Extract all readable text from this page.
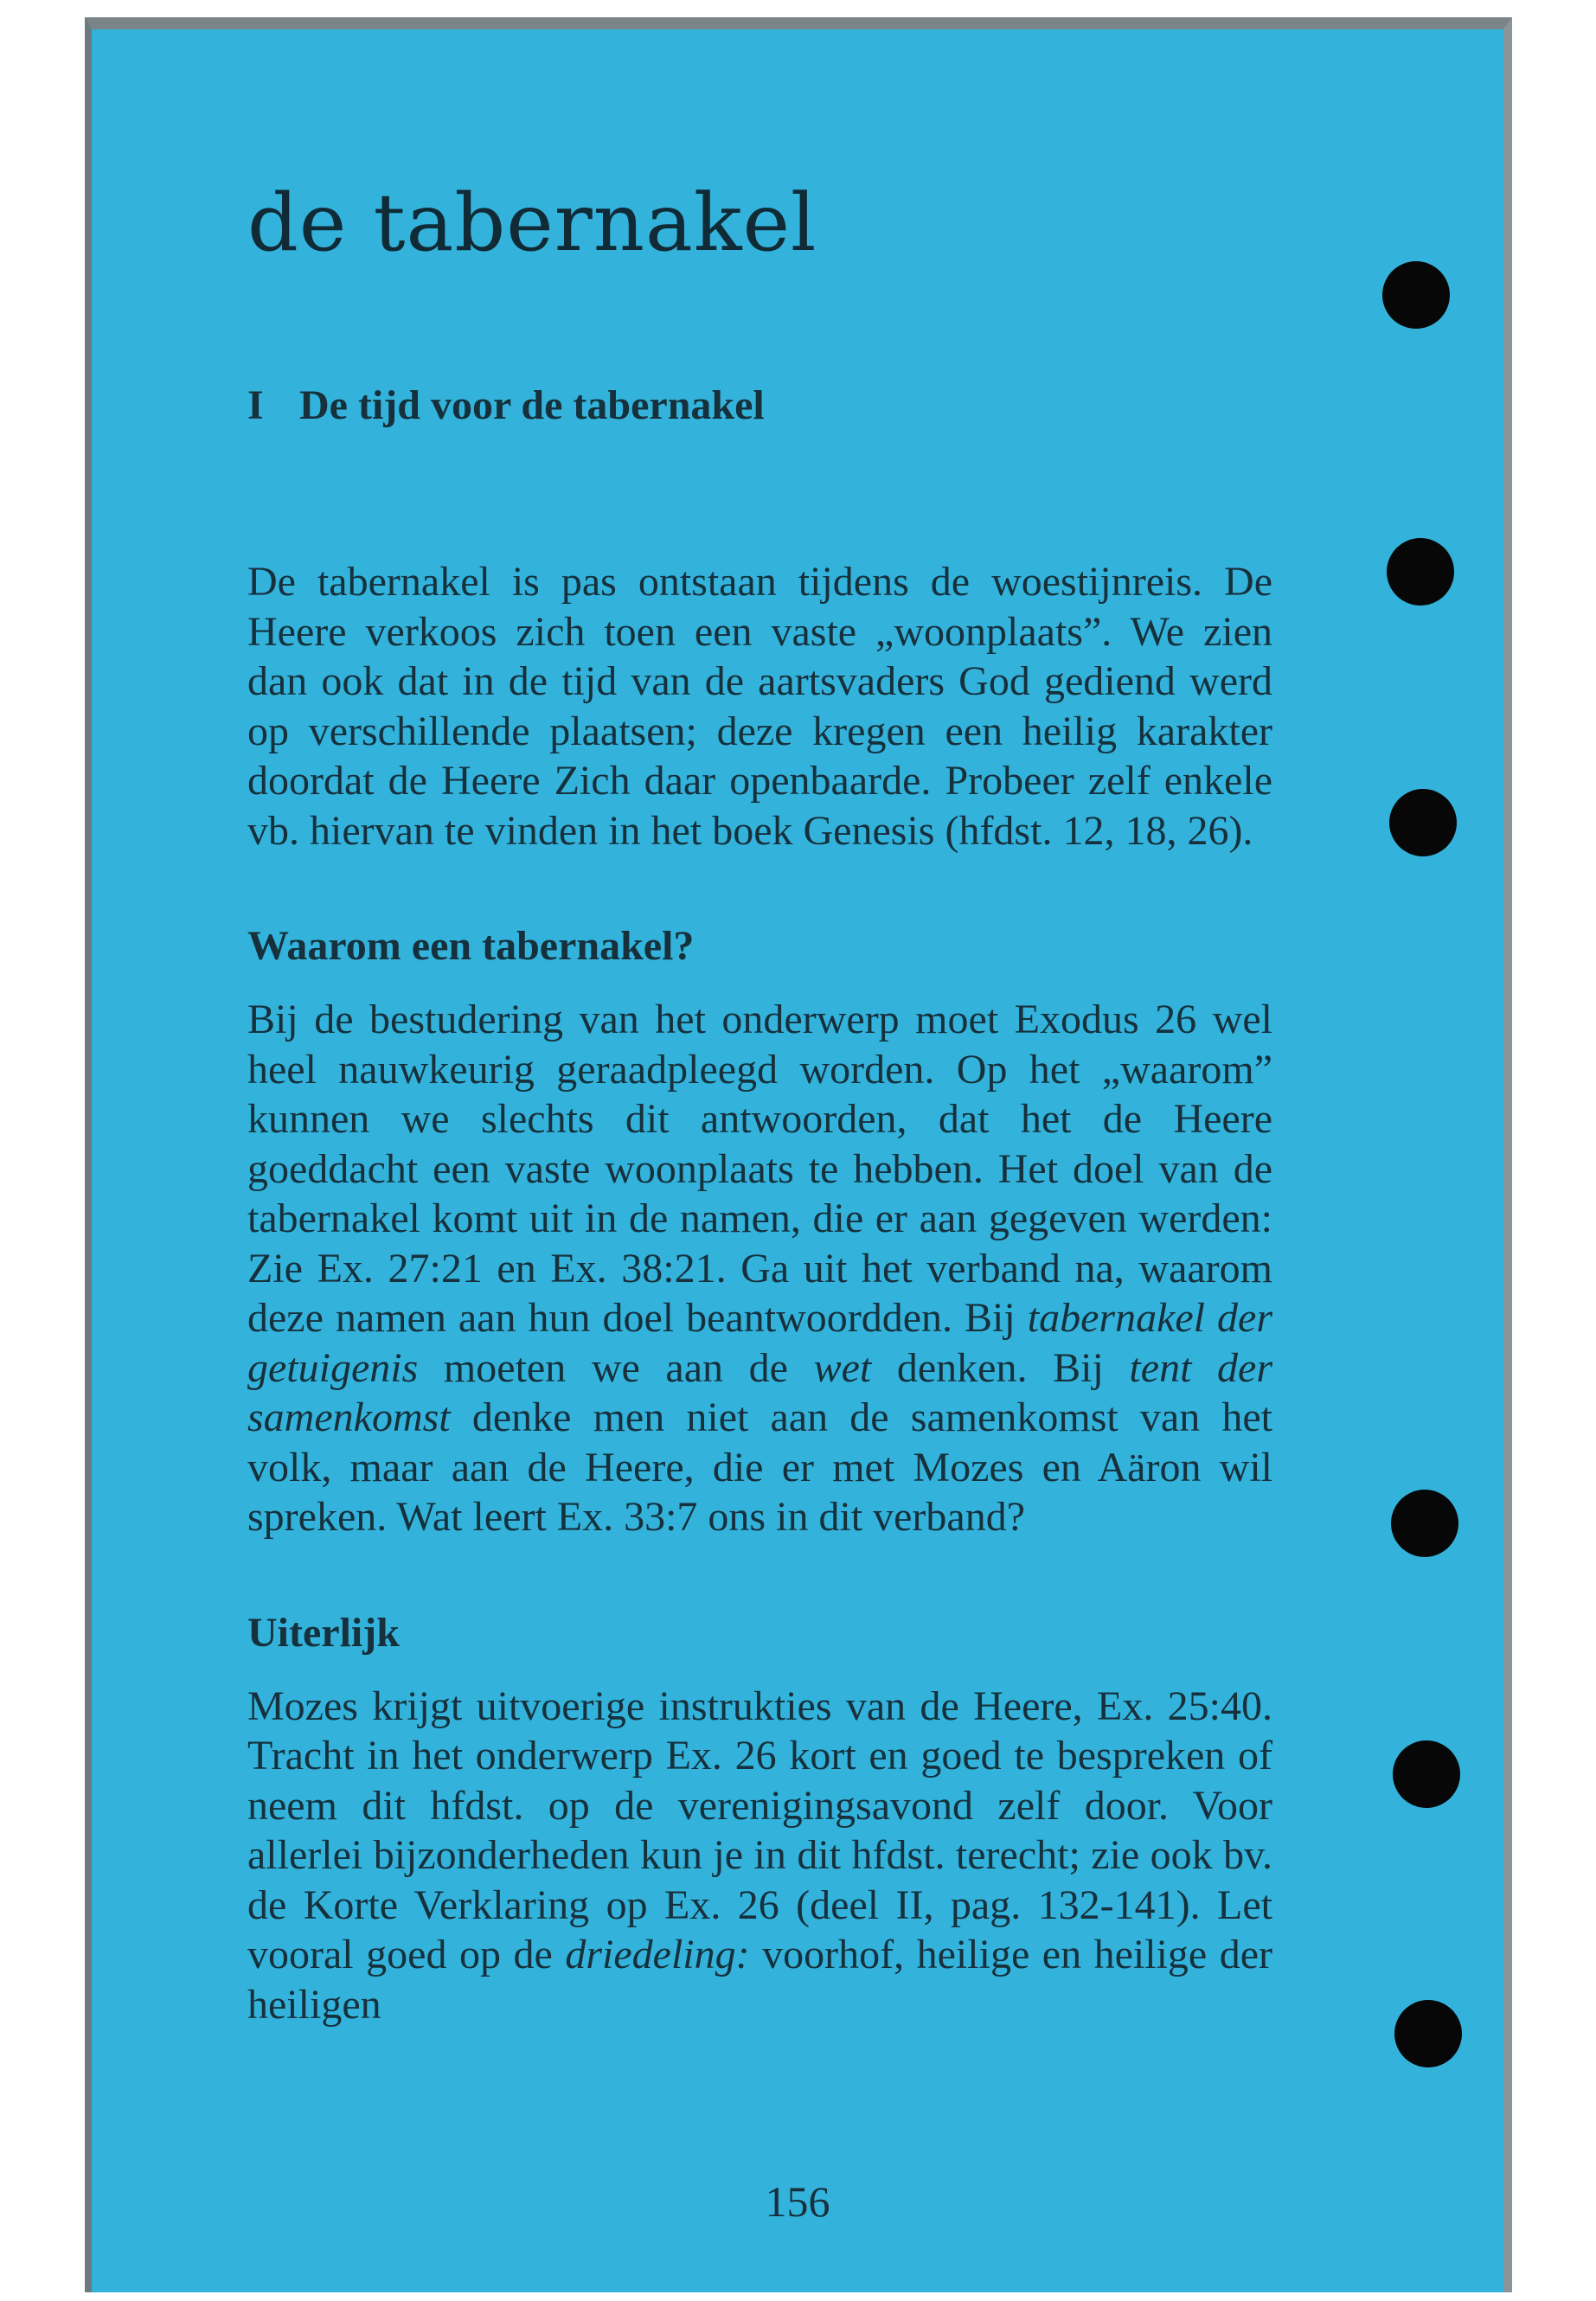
de tabernakel
I De tijd voor de tabernakel

De tabernakel is pas ontstaan tijdens de woestijnreis. De Heere verkoos zich toen een vaste „woonplaats”. We zien dan ook dat in de tijd van de aartsvaders God gediend werd op verschillende plaatsen; deze kregen een heilig karakter doordat de Heere Zich daar openbaarde. Probeer zelf enkele vb. hiervan te vinden in het boek Genesis (hfdst. 12, 18, 26).

Waarom een tabernakel?

Bij de bestudering van het onderwerp moet Exodus 26 wel heel nauwkeurig geraadpleegd worden. Op het „waarom” kunnen we slechts dit antwoorden, dat het de Heere goeddacht een vaste woonplaats te hebben. Het doel van de tabernakel komt uit in de namen, die er aan gegeven werden: Zie Ex. 27:21 en Ex. 38:21. Ga uit het verband na, waarom deze namen aan hun doel beantwoordden. Bij tabernakel der getuigenis moeten we aan de wet denken. Bij tent der samenkomst denke men niet aan de samenkomst van het volk, maar aan de Heere, die er met Mozes en Aäron wil spreken. Wat leert Ex. 33:7 ons in dit verband?

Uiterlijk

Mozes krijgt uitvoerige instrukties van de Heere, Ex. 25:40. Tracht in het onderwerp Ex. 26 kort en goed te bespreken of neem dit hfdst. op de verenigingsavond zelf door. Voor allerlei bijzonderheden kun je in dit hfdst. terecht; zie ook bv. de Korte Verklaring op Ex. 26 (deel II, pag. 132-141). Let vooral goed op de driedeling: voorhof, heilige en heilige der heiligen

156
